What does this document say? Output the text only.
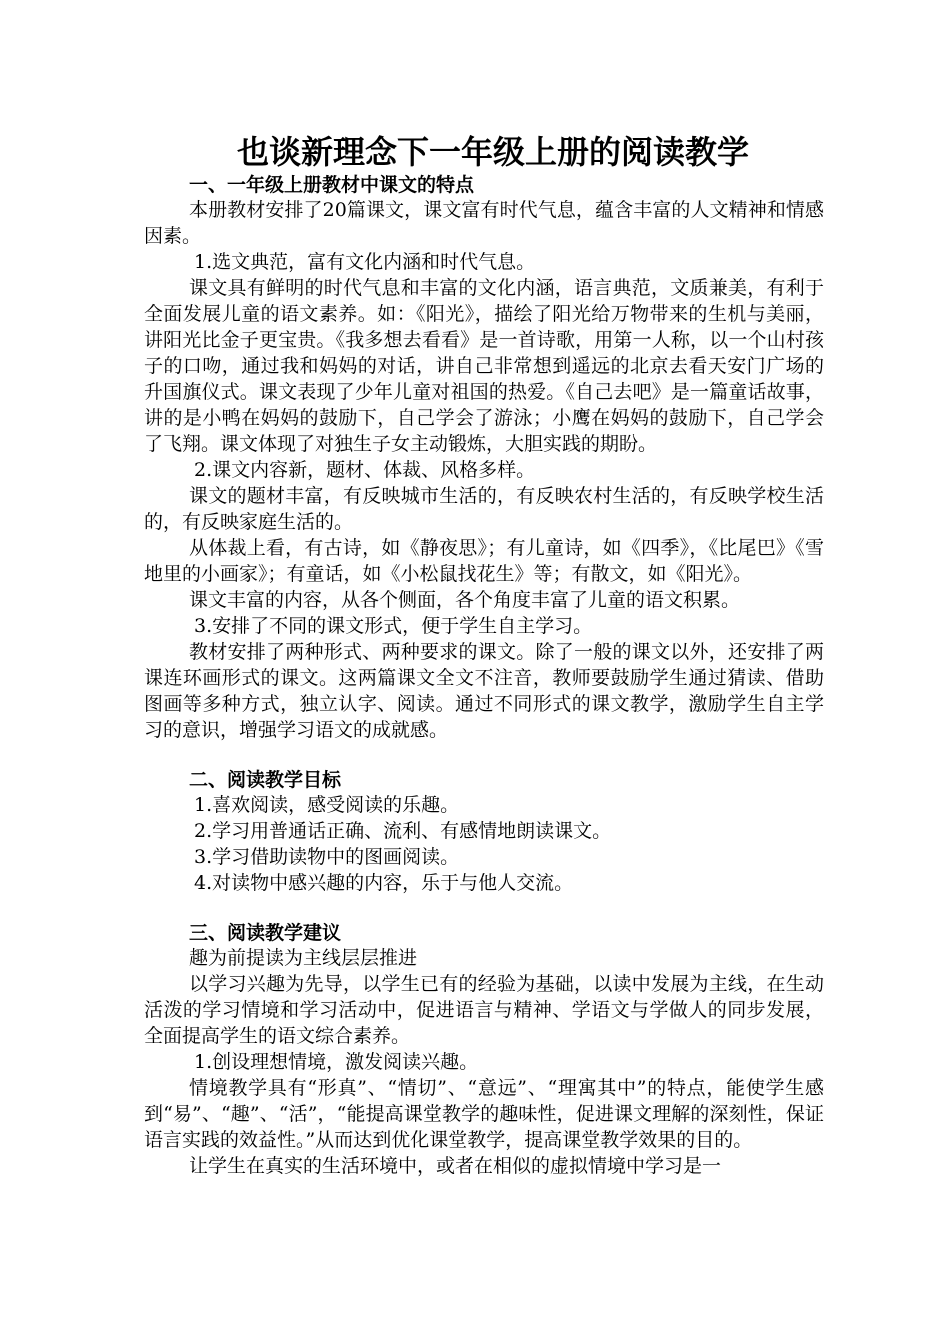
也谈新理念下一年级上册的阅读教学
一、一年级上册教材中课文的特点

本册教材安排了20篇课文，课文富有时代气息，蕴含丰富的人文精神和情感因素。

1.选文典范，富有文化内涵和时代气息。

课文具有鲜明的时代气息和丰富的文化内涵，语言典范，文质兼美，有利于全面发展儿童的语文素养。如：《阳光》，描绘了阳光给万物带来的生机与美丽，讲阳光比金子更宝贵。《我多想去看看》是一首诗歌，用第一人称，以一个山村孩子的口吻，通过我和妈妈的对话，讲自己非常想到遥远的北京去看天安门广场的升国旗仪式。课文表现了少年儿童对祖国的热爱。《自己去吧》是一篇童话故事，讲的是小鸭在妈妈的鼓励下，自己学会了游泳；小鹰在妈妈的鼓励下，自己学会了飞翔。课文体现了对独生子女主动锻炼，大胆实践的期盼。

2.课文内容新，题材、体裁、风格多样。

课文的题材丰富，有反映城市生活的，有反映农村生活的，有反映学校生活的，有反映家庭生活的。

从体裁上看，有古诗，如《静夜思》；有儿童诗，如《四季》，《比尾巴》《雪地里的小画家》；有童话，如《小松鼠找花生》等；有散文，如《阳光》。

课文丰富的内容，从各个侧面，各个角度丰富了儿童的语文积累。

3.安排了不同的课文形式，便于学生自主学习。

教材安排了两种形式、两种要求的课文。除了一般的课文以外，还安排了两课连环画形式的课文。这两篇课文全文不注音，教师要鼓励学生通过猜读、借助图画等多种方式，独立认字、阅读。通过不同形式的课文教学，激励学生自主学习的意识，增强学习语文的成就感。

二、阅读教学目标

1.喜欢阅读，感受阅读的乐趣。

2.学习用普通话正确、流利、有感情地朗读课文。

3.学习借助读物中的图画阅读。

4.对读物中感兴趣的内容，乐于与他人交流。

三、阅读教学建议

趣为前提读为主线层层推进

以学习兴趣为先导，以学生已有的经验为基础，以读中发展为主线，在生动活泼的学习情境和学习活动中，促进语言与精神、学语文与学做人的同步发展，全面提高学生的语文综合素养。

1.创设理想情境，激发阅读兴趣。

情境教学具有“形真”、“情切”、“意远”、“理寓其中”的特点，能使学生感到“易”、“趣”、“活”，“能提高课堂教学的趣味性，促进课文理解的深刻性，保证语言实践的效益性。”从而达到优化课堂教学，提高课堂教学效果的目的。

让学生在真实的生活环境中，或者在相似的虚拟情境中学习是一
